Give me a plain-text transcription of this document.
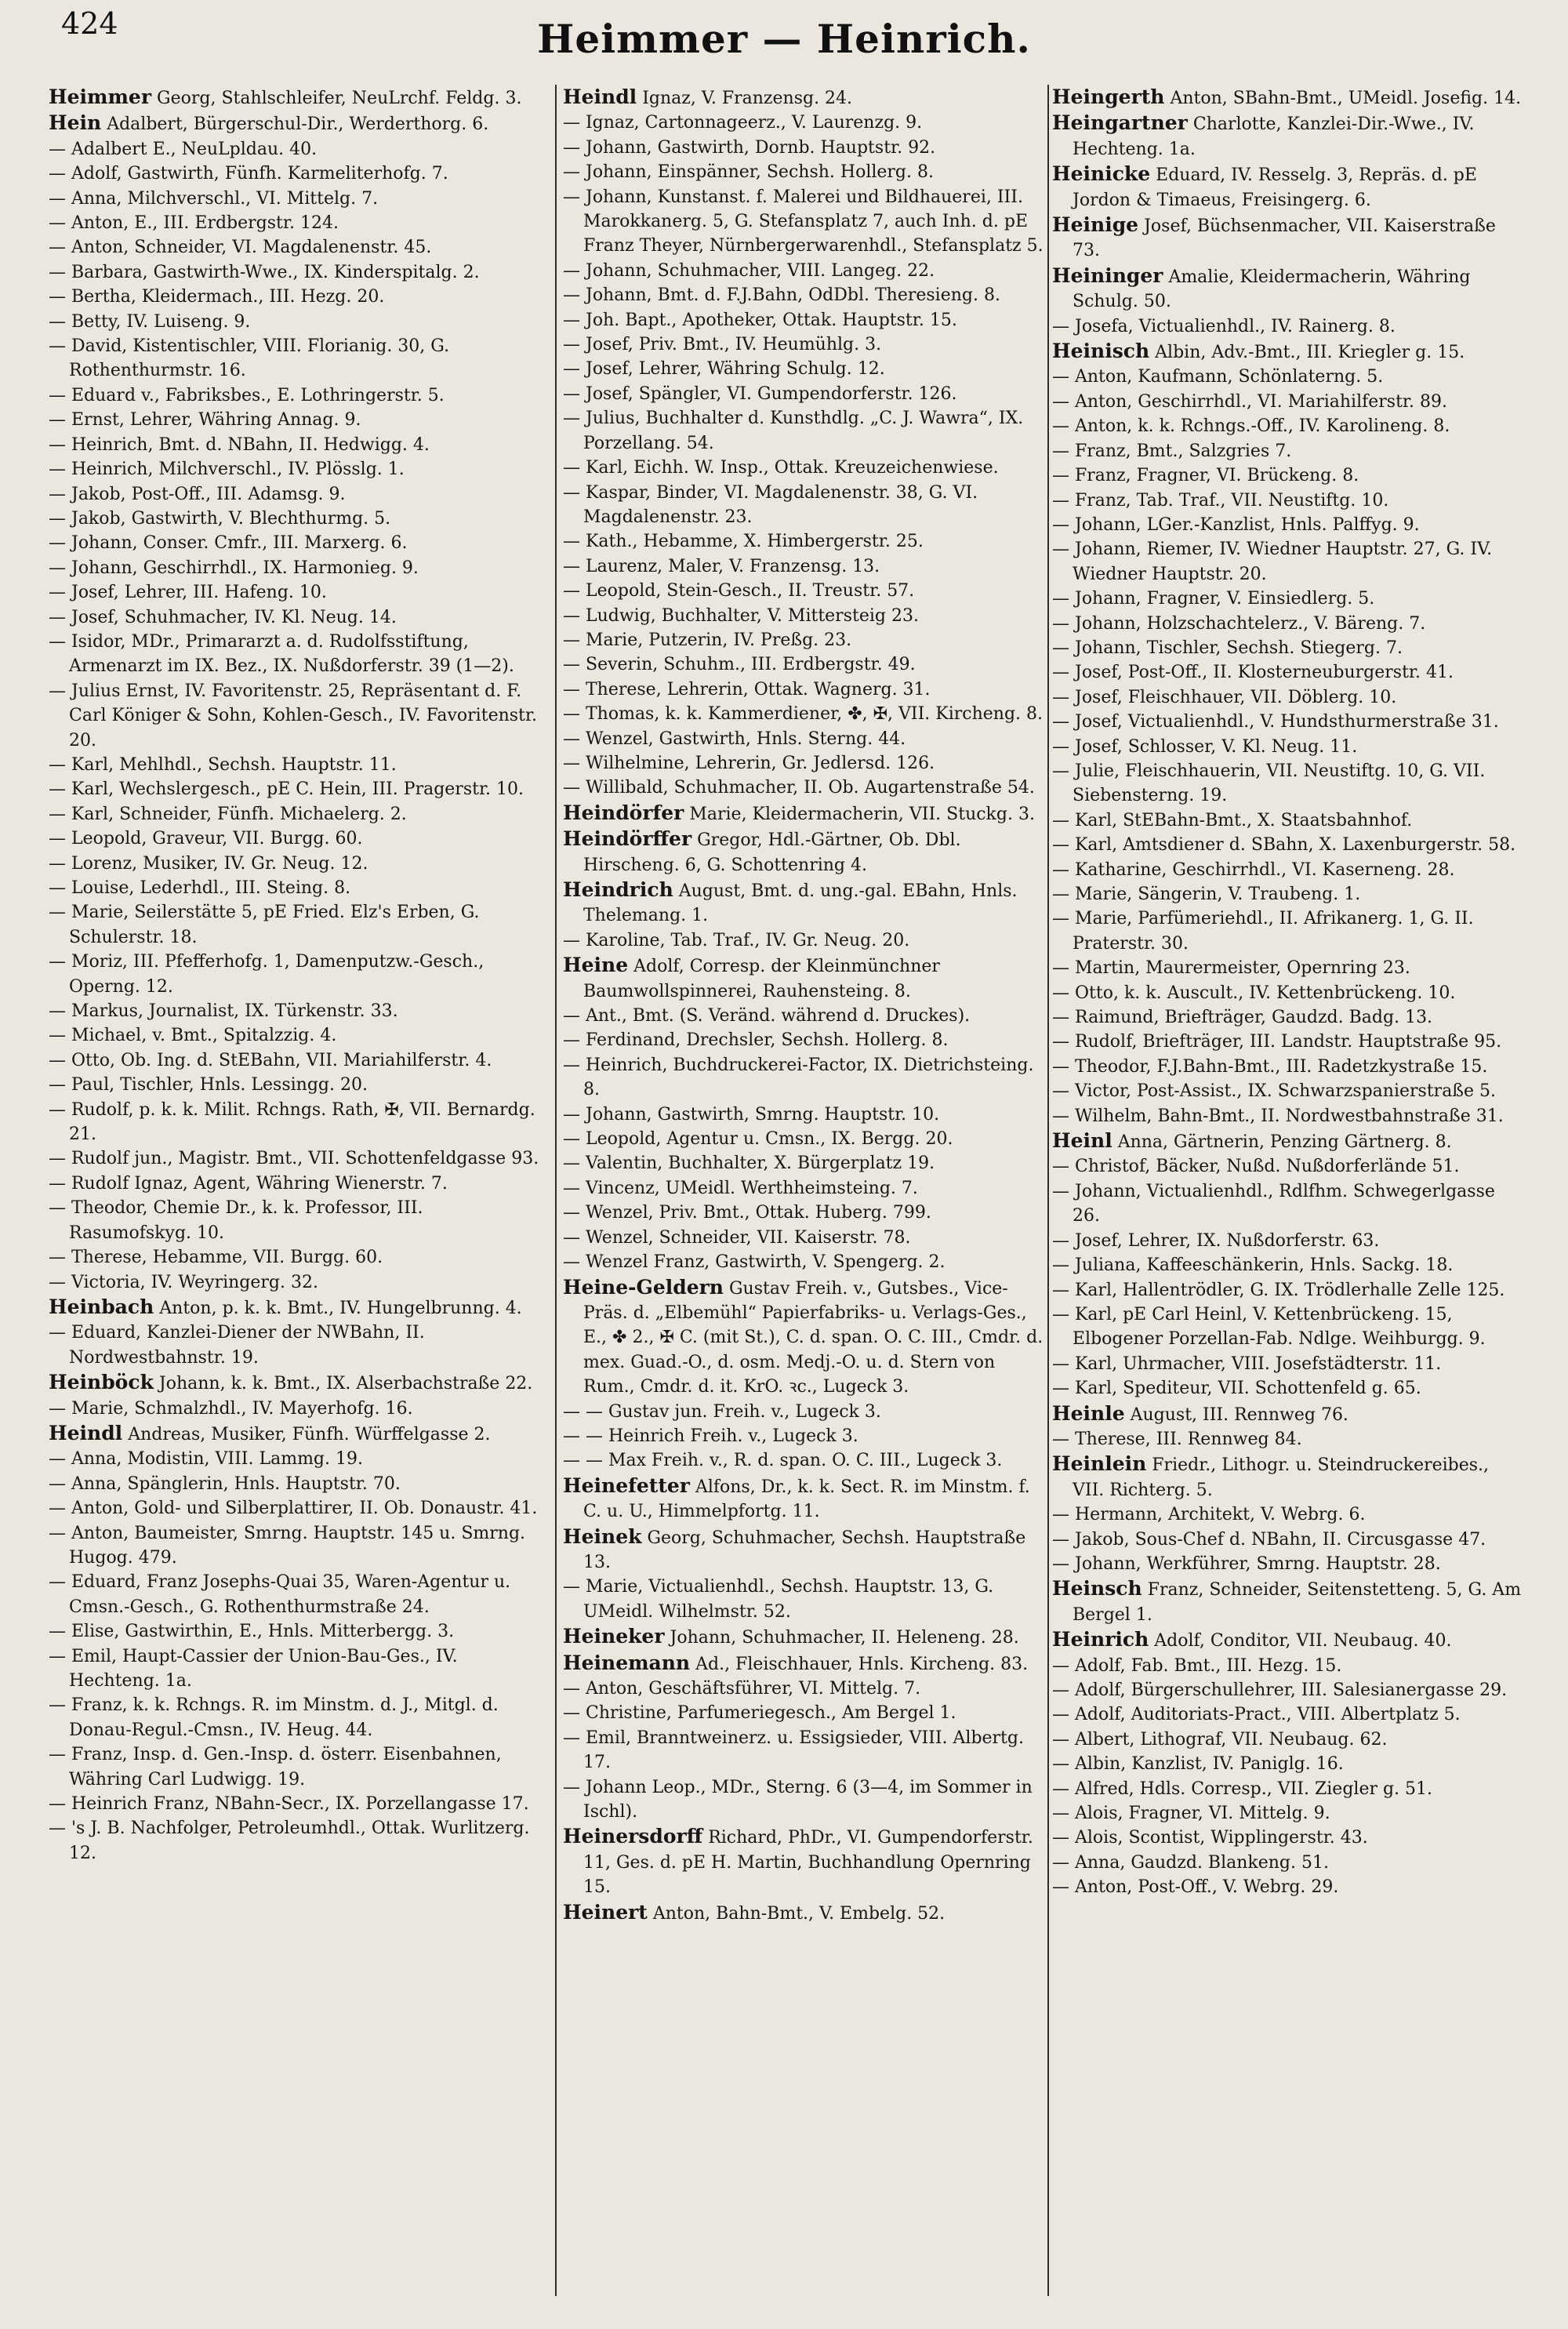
424	Heimmer — Heinrich.
Heimmer Georg, Stahlschleifer, NeuLrchf. Feldg. 3.
Hein Adalbert, Bürgerschul-Dir., Werderthorg. 6.
— Adalbert E., NeuLpldau. 40.
— Adolf, Gastwirth, Fünfh. Karmeliterhofg. 7.
— Anna, Milchverschl., VI. Mittelg. 7.
— Anton, E., III. Erdbergstr. 124.
— Anton, Schneider, VI. Magdalenenstr. 45.
— Barbara, Gastwirth-Wwe., IX. Kinderspitalg. 2.
— Bertha, Kleidermach., III. Hezg. 20.
— Betty, IV. Luiseng. 9.
— David, Kistentischler, VIII. Florianig. 30, G. Rothenthurmstr. 16.
— Eduard v., Fabriksbes., E. Lothringerstr. 5.
— Ernst, Lehrer, Währing Annag. 9.
— Heinrich, Bmt. d. NBahn, II. Hedwigg. 4.
— Heinrich, Milchverschl., IV. Plösslg. 1.
— Jakob, Post-Off., III. Adamsg. 9.
— Jakob, Gastwirth, V. Blechthurmg. 5.
— Johann, Conser. Cmfr., III. Marxerg. 6.
— Johann, Geschirrhdl., IX. Harmonieg. 9.
— Josef, Lehrer, III. Hafeng. 10.
— Josef, Schuhmacher, IV. Kl. Neug. 14.
— Isidor, MDr., Primararzt a. d. Rudolfsstiftung, Armenarzt im IX. Bez., IX. Nußdorferstr. 39 (1—2).
— Julius Ernst, IV. Favoritenstr. 25, Repräsentant d. F. Carl Königer & Sohn, Kohlen-Gesch., IV. Favoritenstr. 20.
— Karl, Mehlhdl., Sechsh. Hauptstr. 11.
— Karl, Wechslergesch., pE C. Hein, III. Pragerstr. 10.
— Karl, Schneider, Fünfh. Michaelerg. 2.
— Leopold, Graveur, VII. Burgg. 60.
— Lorenz, Musiker, IV. Gr. Neug. 12.
— Louise, Lederhdl., III. Steing. 8.
— Marie, Seilerstätte 5, pE Fried. Elz's Erben, G. Schulerstr. 18.
— Moriz, III. Pfefferhofg. 1, Damenputzw.-Gesch., Operng. 12.
— Markus, Journalist, IX. Türkenstr. 33.
— Michael, v. Bmt., Spitalzzig. 4.
— Otto, Ob. Ing. d. StEBahn, VII. Mariahilferstr. 4.
— Paul, Tischler, Hnls. Lessingg. 20.
— Rudolf, p. k. k. Milit. Rchngs. Rath, ✠, VII. Bernardg. 21.
— Rudolf jun., Magistr. Bmt., VII. Schottenfeldgasse 93.
— Rudolf Ignaz, Agent, Währing Wienerstr. 7.
— Theodor, Chemie Dr., k. k. Professor, III. Rasumofskyg. 10.
— Therese, Hebamme, VII. Burgg. 60.
— Victoria, IV. Weyringerg. 32.
Heinbach Anton, p. k. k. Bmt., IV. Hungelbrunng. 4.
— Eduard, Kanzlei-Diener der NWBahn, II. Nordwestbahnstr. 19.
Heinböck Johann, k. k. Bmt., IX. Alserbachstraße 22.
— Marie, Schmalzhdl., IV. Mayerhofg. 16.
Heindl Andreas, Musiker, Fünfh. Würffelgasse 2.
— Anna, Modistin, VIII. Lammg. 19.
— Anna, Spänglerin, Hnls. Hauptstr. 70.
— Anton, Gold- und Silberplattirer, II. Ob. Donaustr. 41.
— Anton, Baumeister, Smrng. Hauptstr. 145 u. Smrng. Hugog. 479.
— Eduard, Franz Josephs-Quai 35, Waren-Agentur u. Cmsn.-Gesch., G. Rothenthurmstraße 24.
— Elise, Gastwirthin, E., Hnls. Mitterbergg. 3.
— Emil, Haupt-Cassier der Union-Bau-Ges., IV. Hechteng. 1a.
— Franz, k. k. Rchngs. R. im Minstm. d. J., Mitgl. d. Donau-Regul.-Cmsn., IV. Heug. 44.
— Franz, Insp. d. Gen.-Insp. d. österr. Eisenbahnen, Währing Carl Ludwigg. 19.
— Heinrich Franz, NBahn-Secr., IX. Porzellangasse 17.
— 's J. B. Nachfolger, Petroleumhdl., Ottak. Wurlitzerg. 12.
Heindl Ignaz, V. Franzensg. 24.
— Ignaz, Cartonnageerz., V. Laurenzg. 9.
— Johann, Gastwirth, Dornb. Hauptstr. 92.
— Johann, Einspänner, Sechsh. Hollerg. 8.
— Johann, Kunstanst. f. Malerei und Bildhauerei, III. Marokkanerg. 5, G. Stefansplatz 7, auch Inh. d. pE Franz Theyer, Nürnbergerwarenhdl., Stefansplatz 5.
— Johann, Schuhmacher, VIII. Langeg. 22.
— Johann, Bmt. d. F.J.Bahn, OdDbl. Theresieng. 8.
— Joh. Bapt., Apotheker, Ottak. Hauptstr. 15.
— Josef, Priv. Bmt., IV. Heumühlg. 3.
— Josef, Lehrer, Währing Schulg. 12.
— Josef, Spängler, VI. Gumpendorferstr. 126.
— Julius, Buchhalter d. Kunsthdlg. „C. J. Wawra“, IX. Porzellang. 54.
— Karl, Eichh. W. Insp., Ottak. Kreuzeichenwiese.
— Kaspar, Binder, VI. Magdalenenstr. 38, G. VI. Magdalenenstr. 23.
— Kath., Hebamme, X. Himbergerstr. 25.
— Laurenz, Maler, V. Franzensg. 13.
— Leopold, Stein-Gesch., II. Treustr. 57.
— Ludwig, Buchhalter, V. Mittersteig 23.
— Marie, Putzerin, IV. Preßg. 23.
— Severin, Schuhm., III. Erdbergstr. 49.
— Therese, Lehrerin, Ottak. Wagnerg. 31.
— Thomas, k. k. Kammerdiener, ✤, ✠, VII. Kircheng. 8.
— Wenzel, Gastwirth, Hnls. Sterng. 44.
— Wilhelmine, Lehrerin, Gr. Jedlersd. 126.
— Willibald, Schuhmacher, II. Ob. Augartenstraße 54.
Heindörfer Marie, Kleidermacherin, VII. Stuckg. 3.
Heindörffer Gregor, Hdl.-Gärtner, Ob. Dbl. Hirscheng. 6, G. Schottenring 4.
Heindrich August, Bmt. d. ung.-gal. EBahn, Hnls. Thelemang. 1.
— Karoline, Tab. Traf., IV. Gr. Neug. 20.
Heine Adolf, Corresp. der Kleinmünchner Baumwollspinnerei, Rauhensteing. 8.
— Ant., Bmt. (S. Veränd. während d. Druckes).
— Ferdinand, Drechsler, Sechsh. Hollerg. 8.
— Heinrich, Buchdruckerei-Factor, IX. Dietrichsteing. 8.
— Johann, Gastwirth, Smrng. Hauptstr. 10.
— Leopold, Agentur u. Cmsn., IX. Bergg. 20.
— Valentin, Buchhalter, X. Bürgerplatz 19.
— Vincenz, UMeidl. Werthheimsteing. 7.
— Wenzel, Priv. Bmt., Ottak. Huberg. 799.
— Wenzel, Schneider, VII. Kaiserstr. 78.
— Wenzel Franz, Gastwirth, V. Spengerg. 2.
Heine-Geldern Gustav Freih. v., Gutsbes., Vice-Präs. d. „Elbemühl“ Papierfabriks- u. Verlags-Ges., E., ✤ 2., ✠ C. (mit St.), C. d. span. O. C. III., Cmdr. d. mex. Guad.-O., d. osm. Medj.-O. u. d. Stern von Rum., Cmdr. d. it. KrO. ꝛc., Lugeck 3.
— — Gustav jun. Freih. v., Lugeck 3.
— — Heinrich Freih. v., Lugeck 3.
— — Max Freih. v., R. d. span. O. C. III., Lugeck 3.
Heinefetter Alfons, Dr., k. k. Sect. R. im Minstm. f. C. u. U., Himmelpfortg. 11.
Heinek Georg, Schuhmacher, Sechsh. Hauptstraße 13.
— Marie, Victualienhdl., Sechsh. Hauptstr. 13, G. UMeidl. Wilhelmstr. 52.
Heineker Johann, Schuhmacher, II. Heleneng. 28.
Heinemann Ad., Fleischhauer, Hnls. Kircheng. 83.
— Anton, Geschäftsführer, VI. Mittelg. 7.
— Christine, Parfumeriegesch., Am Bergel 1.
— Emil, Branntweinerz. u. Essigsieder, VIII. Albertg. 17.
— Johann Leop., MDr., Sterng. 6 (3—4, im Sommer in Ischl).
Heinersdorff Richard, PhDr., VI. Gumpendorferstr. 11, Ges. d. pE H. Martin, Buchhandlung Opernring 15.
Heinert Anton, Bahn-Bmt., V. Embelg. 52.
Heingerth Anton, SBahn-Bmt., UMeidl. Josefig. 14.
Heingartner Charlotte, Kanzlei-Dir.-Wwe., IV. Hechteng. 1a.
Heinicke Eduard, IV. Resselg. 3, Repräs. d. pE Jordon & Timaeus, Freisingerg. 6.
Heinige Josef, Büchsenmacher, VII. Kaiserstraße 73.
Heininger Amalie, Kleidermacherin, Währing Schulg. 50.
— Josefa, Victualienhdl., IV. Rainerg. 8.
Heinisch Albin, Adv.-Bmt., III. Kriegler g. 15.
— Anton, Kaufmann, Schönlaterng. 5.
— Anton, Geschirrhdl., VI. Mariahilferstr. 89.
— Anton, k. k. Rchngs.-Off., IV. Karolineng. 8.
— Franz, Bmt., Salzgries 7.
— Franz, Fragner, VI. Brückeng. 8.
— Franz, Tab. Traf., VII. Neustiftg. 10.
— Johann, LGer.-Kanzlist, Hnls. Palffyg. 9.
— Johann, Riemer, IV. Wiedner Hauptstr. 27, G. IV. Wiedner Hauptstr. 20.
— Johann, Fragner, V. Einsiedlerg. 5.
— Johann, Holzschachtelerz., V. Bäreng. 7.
— Johann, Tischler, Sechsh. Stiegerg. 7.
— Josef, Post-Off., II. Klosterneuburgerstr. 41.
— Josef, Fleischhauer, VII. Döblerg. 10.
— Josef, Victualienhdl., V. Hundsthurmerstraße 31.
— Josef, Schlosser, V. Kl. Neug. 11.
— Julie, Fleischhauerin, VII. Neustiftg. 10, G. VII. Siebensterng. 19.
— Karl, StEBahn-Bmt., X. Staatsbahnhof.
— Karl, Amtsdiener d. SBahn, X. Laxenburgerstr. 58.
— Katharine, Geschirrhdl., VI. Kaserneng. 28.
— Marie, Sängerin, V. Traubeng. 1.
— Marie, Parfümeriehdl., II. Afrikanerg. 1, G. II. Praterstr. 30.
— Martin, Maurermeister, Opernring 23.
— Otto, k. k. Auscult., IV. Kettenbrückeng. 10.
— Raimund, Briefträger, Gaudzd. Badg. 13.
— Rudolf, Briefträger, III. Landstr. Hauptstraße 95.
— Theodor, F.J.Bahn-Bmt., III. Radetzkystraße 15.
— Victor, Post-Assist., IX. Schwarzspanierstraße 5.
— Wilhelm, Bahn-Bmt., II. Nordwestbahnstraße 31.
Heinl Anna, Gärtnerin, Penzing Gärtnerg. 8.
— Christof, Bäcker, Nußd. Nußdorferlände 51.
— Johann, Victualienhdl., Rdlfhm. Schwegerlgasse 26.
— Josef, Lehrer, IX. Nußdorferstr. 63.
— Juliana, Kaffeeschänkerin, Hnls. Sackg. 18.
— Karl, Hallentrödler, G. IX. Trödlerhalle Zelle 125.
— Karl, pE Carl Heinl, V. Kettenbrückeng. 15, Elbogener Porzellan-Fab. Ndlge. Weihburgg. 9.
— Karl, Uhrmacher, VIII. Josefstädterstr. 11.
— Karl, Spediteur, VII. Schottenfeld g. 65.
Heinle August, III. Rennweg 76.
— Therese, III. Rennweg 84.
Heinlein Friedr., Lithogr. u. Steindruckereibes., VII. Richterg. 5.
— Hermann, Architekt, V. Webrg. 6.
— Jakob, Sous-Chef d. NBahn, II. Circusgasse 47.
— Johann, Werkführer, Smrng. Hauptstr. 28.
Heinsch Franz, Schneider, Seitenstetteng. 5, G. Am Bergel 1.
Heinrich Adolf, Conditor, VII. Neubaug. 40.
— Adolf, Fab. Bmt., III. Hezg. 15.
— Adolf, Bürgerschullehrer, III. Salesianergasse 29.
— Adolf, Auditoriats-Pract., VIII. Albertplatz 5.
— Albert, Lithograf, VII. Neubaug. 62.
— Albin, Kanzlist, IV. Paniglg. 16.
— Alfred, Hdls. Corresp., VII. Ziegler g. 51.
— Alois, Fragner, VI. Mittelg. 9.
— Alois, Scontist, Wipplingerstr. 43.
— Anna, Gaudzd. Blankeng. 51.
— Anton, Post-Off., V. Webrg. 29.
